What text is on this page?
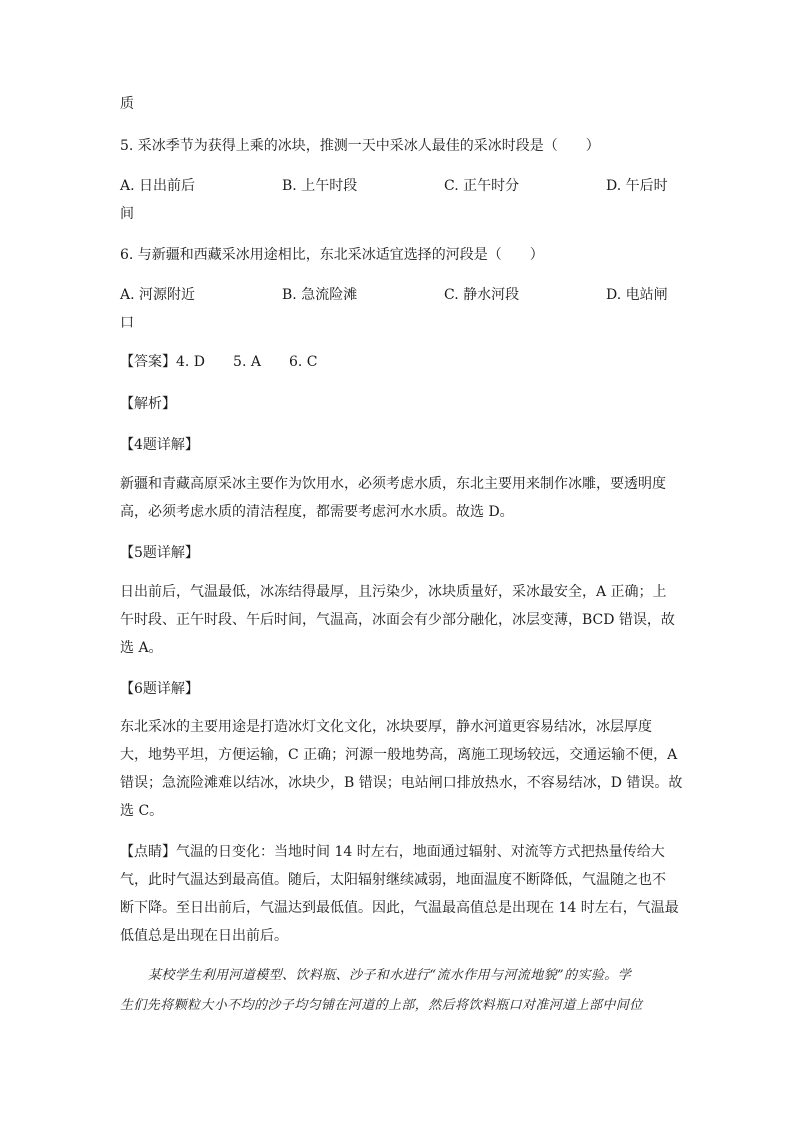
质
5. 采冰季节为获得上乘的冰块，推测一天中采冰人最佳的采冰时段是（　　）
A. 日出前后	B. 上午时段	C. 正午时分	D. 午后时
间
6. 与新疆和西藏采冰用途相比，东北采冰适宜选择的河段是（　　）
A. 河源附近	B. 急流险滩	C. 静水河段	D. 电站闸
口
【答案】4. D　　5. A　　6. C
【解析】
【4题详解】
新疆和青藏高原采冰主要作为饮用水，必须考虑水质，东北主要用来制作冰雕，要透明度
高，必须考虑水质的清洁程度，都需要考虑河水水质。故选 D。
【5题详解】
日出前后，气温最低，冰冻结得最厚，且污染少，冰块质量好，采冰最安全，A 正确；上
午时段、正午时段、午后时间，气温高，冰面会有少部分融化，冰层变薄，BCD 错误，故
选 A。
【6题详解】
东北采冰的主要用途是打造冰灯文化文化，冰块要厚，静水河道更容易结冰，冰层厚度
大，地势平坦，方便运输，C 正确；河源一般地势高，离施工现场较远，交通运输不便，A
错误；急流险滩难以结冰，冰块少，B 错误；电站闸口排放热水，不容易结冰，D 错误。故
选 C。
【点睛】气温的日变化：当地时间 14 时左右，地面通过辐射、对流等方式把热量传给大
气，此时气温达到最高值。随后，太阳辐射继续减弱，地面温度不断降低，气温随之也不
断下降。至日出前后，气温达到最低值。因此，气温最高值总是出现在 14 时左右，气温最
低值总是出现在日出前后。
某校学生利用河道模型、饮料瓶、沙子和水进行“流水作用与河流地貌”的实验。学
生们先将颗粒大小不均的沙子均匀铺在河道的上部，然后将饮料瓶口对准河道上部中间位
